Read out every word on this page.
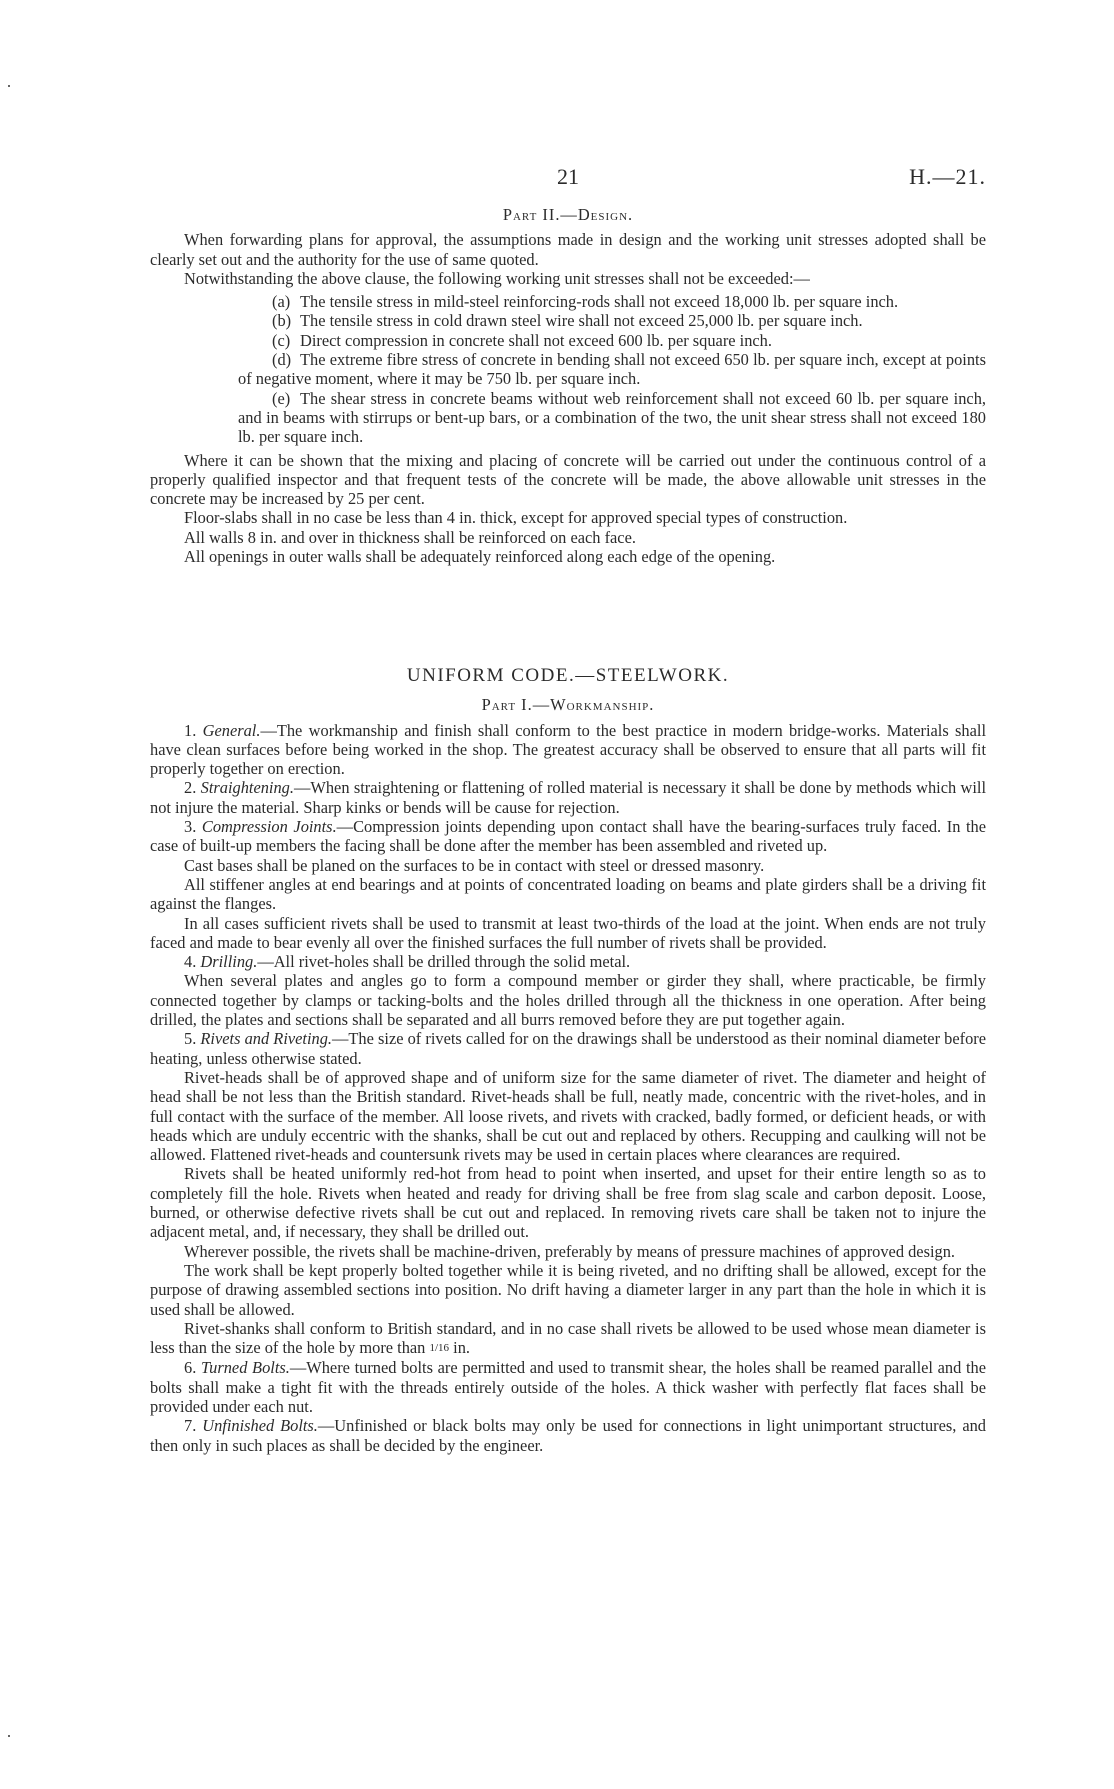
21	H.—21.

Part II.—Design.

When forwarding plans for approval, the assumptions made in design and the working unit stresses adopted shall be clearly set out and the authority for the use of same quoted.

Notwithstanding the above clause, the following working unit stresses shall not be exceeded:—

(a) The tensile stress in mild-steel reinforcing-rods shall not exceed 18,000 lb. per square inch.

(b) The tensile stress in cold drawn steel wire shall not exceed 25,000 lb. per square inch.

(c) Direct compression in concrete shall not exceed 600 lb. per square inch.

(d) The extreme fibre stress of concrete in bending shall not exceed 650 lb. per square inch, except at points of negative moment, where it may be 750 lb. per square inch.

(e) The shear stress in concrete beams without web reinforcement shall not exceed 60 lb. per square inch, and in beams with stirrups or bent-up bars, or a combination of the two, the unit shear stress shall not exceed 180 lb. per square inch.

Where it can be shown that the mixing and placing of concrete will be carried out under the continuous control of a properly qualified inspector and that frequent tests of the concrete will be made, the above allowable unit stresses in the concrete may be increased by 25 per cent.

Floor-slabs shall in no case be less than 4 in. thick, except for approved special types of construction.

All walls 8 in. and over in thickness shall be reinforced on each face.

All openings in outer walls shall be adequately reinforced along each edge of the opening.

UNIFORM CODE.—STEELWORK.

Part I.—Workmanship.

1. General.—The workmanship and finish shall conform to the best practice in modern bridge-works. Materials shall have clean surfaces before being worked in the shop. The greatest accuracy shall be observed to ensure that all parts will fit properly together on erection.

2. Straightening.—When straightening or flattening of rolled material is necessary it shall be done by methods which will not injure the material. Sharp kinks or bends will be cause for rejection.

3. Compression Joints.—Compression joints depending upon contact shall have the bearing-surfaces truly faced. In the case of built-up members the facing shall be done after the member has been assembled and riveted up.

Cast bases shall be planed on the surfaces to be in contact with steel or dressed masonry.

All stiffener angles at end bearings and at points of concentrated loading on beams and plate girders shall be a driving fit against the flanges.

In all cases sufficient rivets shall be used to transmit at least two-thirds of the load at the joint. When ends are not truly faced and made to bear evenly all over the finished surfaces the full number of rivets shall be provided.

4. Drilling.—All rivet-holes shall be drilled through the solid metal.

When several plates and angles go to form a compound member or girder they shall, where practicable, be firmly connected together by clamps or tacking-bolts and the holes drilled through all the thickness in one operation. After being drilled, the plates and sections shall be separated and all burrs removed before they are put together again.

5. Rivets and Riveting.—The size of rivets called for on the drawings shall be understood as their nominal diameter before heating, unless otherwise stated.

Rivet-heads shall be of approved shape and of uniform size for the same diameter of rivet. The diameter and height of head shall be not less than the British standard. Rivet-heads shall be full, neatly made, concentric with the rivet-holes, and in full contact with the surface of the member. All loose rivets, and rivets with cracked, badly formed, or deficient heads, or with heads which are unduly eccentric with the shanks, shall be cut out and replaced by others. Recupping and caulking will not be allowed. Flattened rivet-heads and countersunk rivets may be used in certain places where clearances are required.

Rivets shall be heated uniformly red-hot from head to point when inserted, and upset for their entire length so as to completely fill the hole. Rivets when heated and ready for driving shall be free from slag scale and carbon deposit. Loose, burned, or otherwise defective rivets shall be cut out and replaced. In removing rivets care shall be taken not to injure the adjacent metal, and, if necessary, they shall be drilled out.

Wherever possible, the rivets shall be machine-driven, preferably by means of pressure machines of approved design.

The work shall be kept properly bolted together while it is being riveted, and no drifting shall be allowed, except for the purpose of drawing assembled sections into position. No drift having a diameter larger in any part than the hole in which it is used shall be allowed.

Rivet-shanks shall conform to British standard, and in no case shall rivets be allowed to be used whose mean diameter is less than the size of the hole by more than 1/16 in.

6. Turned Bolts.—Where turned bolts are permitted and used to transmit shear, the holes shall be reamed parallel and the bolts shall make a tight fit with the threads entirely outside of the holes. A thick washer with perfectly flat faces shall be provided under each nut.

7. Unfinished Bolts.—Unfinished or black bolts may only be used for connections in light unimportant structures, and then only in such places as shall be decided by the engineer.
